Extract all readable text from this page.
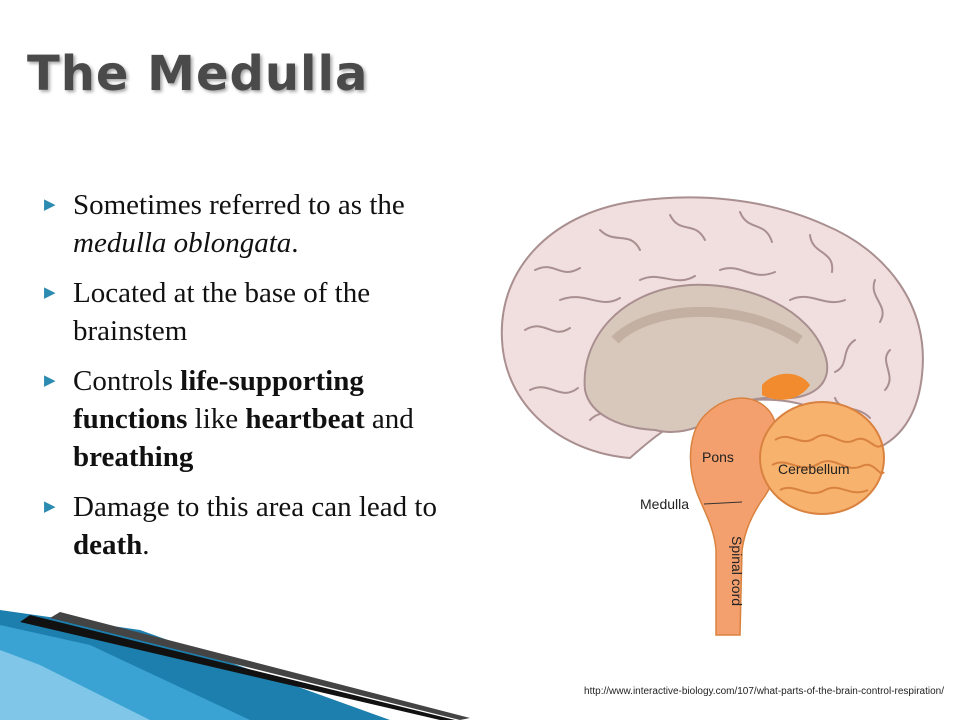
The Medulla
▶ Sometimes referred to as the medulla oblongata.
▶ Located at the base of the brainstem
▶ Controls life-supporting functions like heartbeat and breathing
▶ Damage to this area can lead to death.
Pons
Cerebellum
Medulla
Spinal cord
http://www.interactive-biology.com/107/what-parts-of-the-brain-control-respiration/
